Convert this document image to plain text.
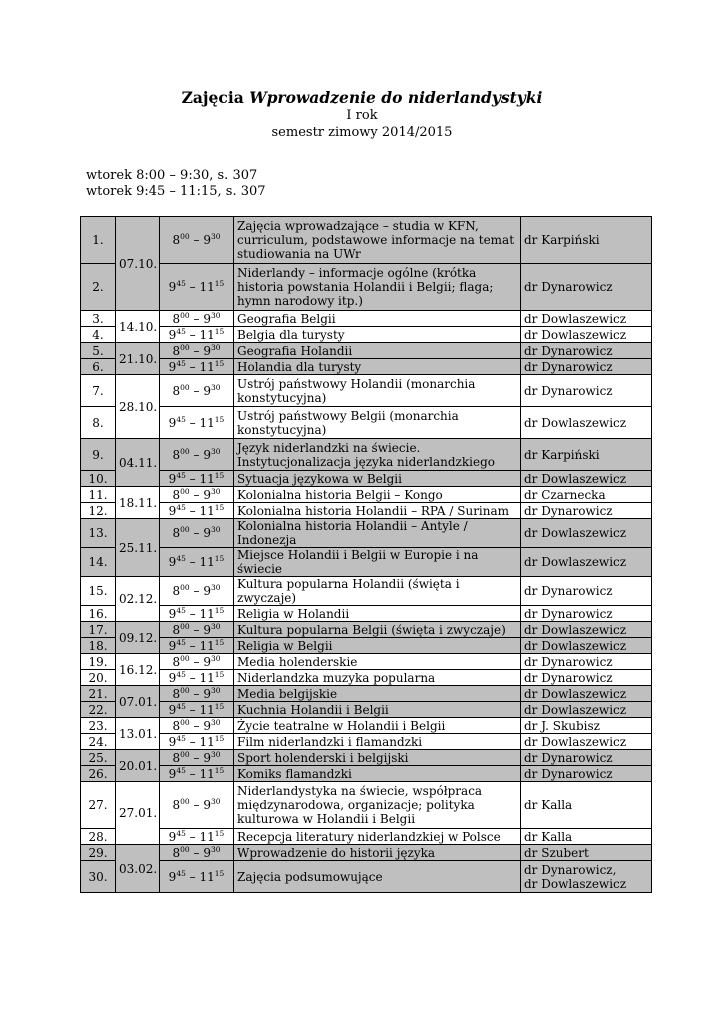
Zajęcia Wprowadzenie do niderlandystyki
I rok
semestr zimowy 2014/2015
wtorek 8:00 – 9:30, s. 307
wtorek 9:45 – 11:15, s. 307
1.	07.10.	$8^{00} - 9^{30}$	Zajęcia wprowadzające – studia w KFN, curriculum, podstawowe informacje na temat studiowania na UWr	dr Karpiński
2.		$9^{45} - 11^{15}$	Niderlandy – informacje ogólne (krótka historia powstania Holandii i Belgii; flaga; hymn narodowy itp.)	dr Dynarowicz
3.	14.10.	$8^{00} - 9^{30}$	Geografia Belgii	dr Dowlaszewicz
4.		$9^{45} - 11^{15}$	Belgia dla turysty	dr Dowlaszewicz
5.	21.10.	$8^{00} - 9^{30}$	Geografia Holandii	dr Dynarowicz
6.		$9^{45} - 11^{15}$	Holandia dla turysty	dr Dynarowicz
7.	28.10.	$8^{00} - 9^{30}$	Ustrój państwowy Holandii (monarchia konstytucyjna)	dr Dynarowicz
8.		$9^{45} - 11^{15}$	Ustrój państwowy Belgii (monarchia konstytucyjna)	dr Dowlaszewicz
9.	04.11.	$8^{00} - 9^{30}$	Język niderlandzki na świecie. Instytucjonalizacja języka niderlandzkiego	dr Karpiński
10.		$9^{45} - 11^{15}$	Sytuacja językowa w Belgii	dr Dowlaszewicz
11.	18.11.	$8^{00} - 9^{30}$	Kolonialna historia Belgii – Kongo	dr Czarnecka
12.		$9^{45} - 11^{15}$	Kolonialna historia Holandii – RPA / Surinam	dr Dynarowicz
13.	25.11.	$8^{00} - 9^{30}$	Kolonialna historia Holandii – Antyle / Indonezja	dr Dowlaszewicz
14.		$9^{45} - 11^{15}$	Miejsce Holandii i Belgii w Europie i na świecie	dr Dowlaszewicz
15.	02.12.	$8^{00} - 9^{30}$	Kultura popularna Holandii (święta i zwyczaje)	dr Dynarowicz
16.		$9^{45} - 11^{15}$	Religia w Holandii	dr Dynarowicz
17.	09.12.	$8^{00} - 9^{30}$	Kultura popularna Belgii (święta i zwyczaje)	dr Dowlaszewicz
18.		$9^{45} - 11^{15}$	Religia w Belgii	dr Dowlaszewicz
19.	16.12.	$8^{00} - 9^{30}$	Media holenderskie	dr Dynarowicz
20.		$9^{45} - 11^{15}$	Niderlandzka muzyka popularna	dr Dynarowicz
21.	07.01.	$8^{00} - 9^{30}$	Media belgijskie	dr Dowlaszewicz
22.		$9^{45} - 11^{15}$	Kuchnia Holandii i Belgii	dr Dowlaszewicz
23.	13.01.	$8^{00} - 9^{30}$	Życie teatralne w Holandii i Belgii	dr J. Skubisz
24.		$9^{45} - 11^{15}$	Film niderlandzki i flamandzki	dr Dowlaszewicz
25.	20.01.	$8^{00} - 9^{30}$	Sport holenderski i belgijski	dr Dynarowicz
26.		$9^{45} - 11^{15}$	Komiks flamandzki	dr Dynarowicz
27.	27.01.	$8^{00} - 9^{30}$	Niderlandystyka na świecie, współpraca międzynarodowa, organizacje; polityka kulturowa w Holandii i Belgii	dr Kalla
28.		$9^{45} - 11^{15}$	Recepcja literatury niderlandzkiej w Polsce	dr Kalla
29.	03.02.	$8^{00} - 9^{30}$	Wprowadzenie do historii języka	dr Szubert
30.		$9^{45} - 11^{15}$	Zajęcia podsumowujące	dr Dynarowicz,
dr Dowlaszewicz
